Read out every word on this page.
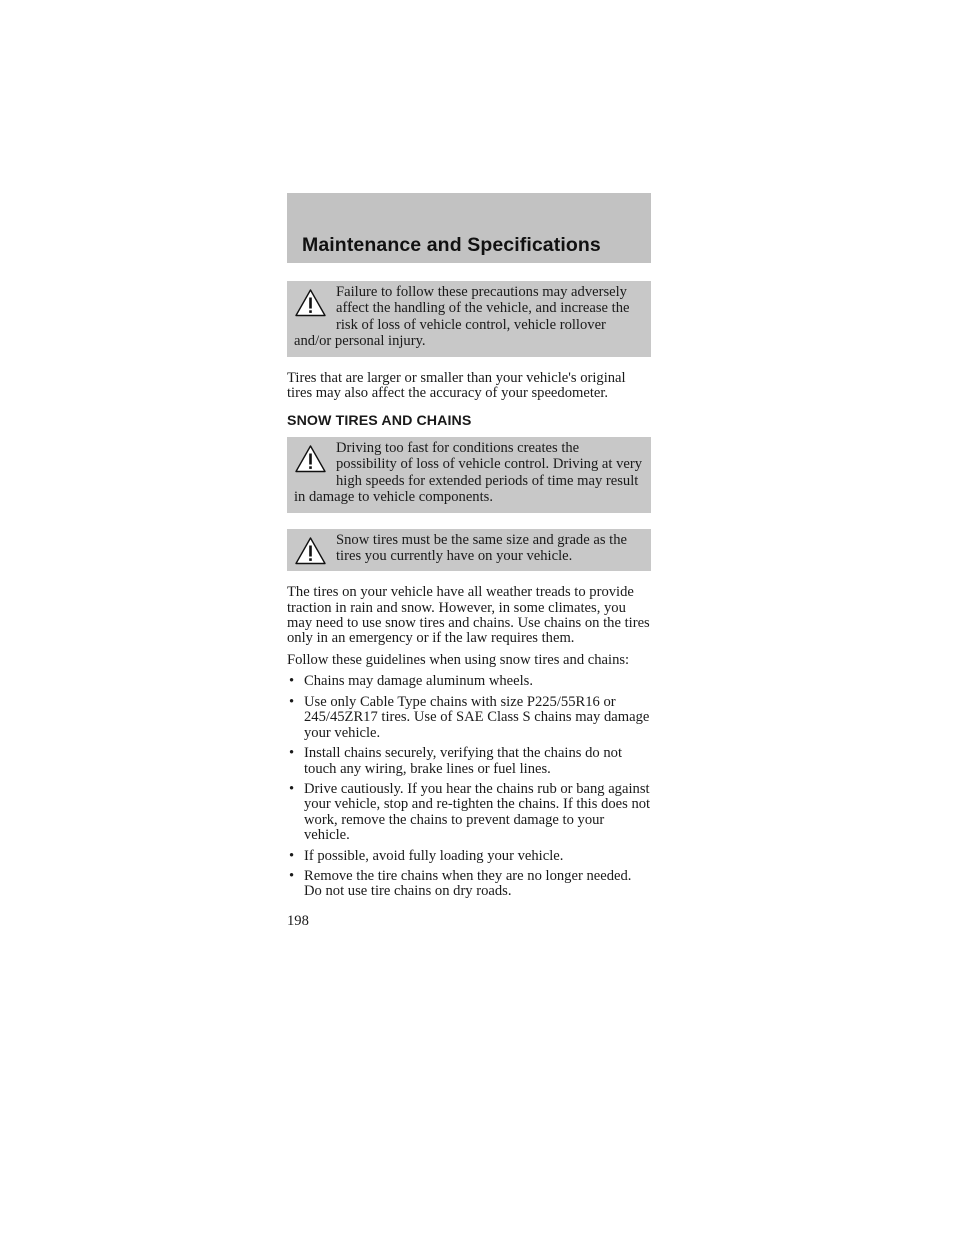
Maintenance and Specifications
Failure to follow these precautions may adversely affect the handling of the vehicle, and increase the risk of loss of vehicle control, vehicle rollover and/or personal injury.

Tires that are larger or smaller than your vehicle's original tires may also affect the accuracy of your speedometer.

SNOW TIRES AND CHAINS

Driving too fast for conditions creates the possibility of loss of vehicle control. Driving at very high speeds for extended periods of time may result in damage to vehicle components.
Snow tires must be the same size and grade as the tires you currently have on your vehicle.

The tires on your vehicle have all weather treads to provide traction in rain and snow. However, in some climates, you may need to use snow tires and chains. Use chains on the tires only in an emergency or if the law requires them.

Follow these guidelines when using snow tires and chains:

• Chains may damage aluminum wheels.
• Use only Cable Type chains with size P225/55R16 or 245/45ZR17 tires. Use of SAE Class S chains may damage your vehicle.
• Install chains securely, verifying that the chains do not touch any wiring, brake lines or fuel lines.
• Drive cautiously. If you hear the chains rub or bang against your vehicle, stop and re-tighten the chains. If this does not work, remove the chains to prevent damage to your vehicle.
• If possible, avoid fully loading your vehicle.
• Remove the tire chains when they are no longer needed. Do not use tire chains on dry roads.

198
